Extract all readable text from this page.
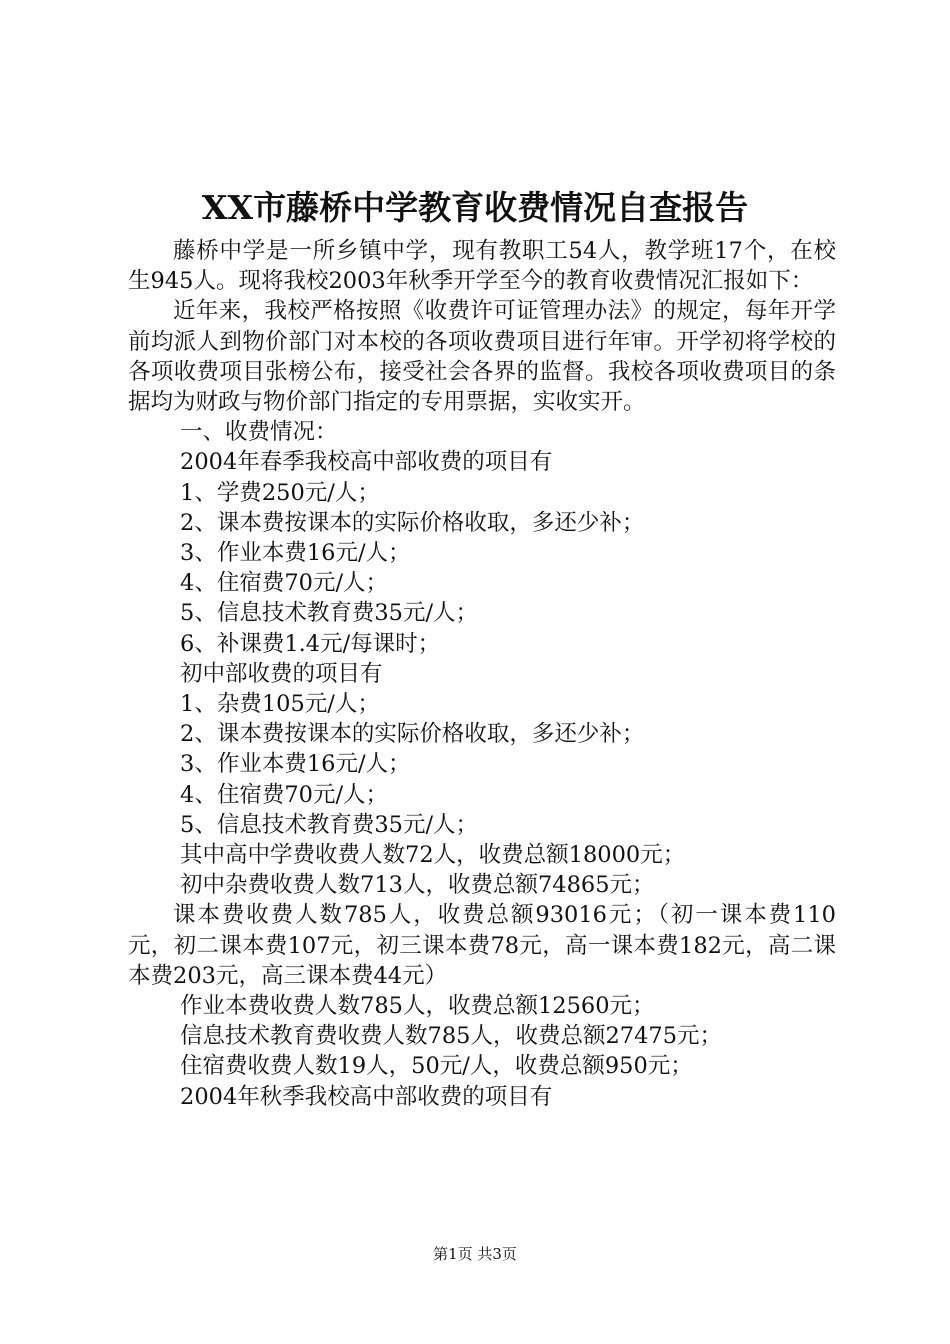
XX市藤桥中学教育收费情况自查报告

藤桥中学是一所乡镇中学，现有教职工54人，教学班17个，在校生945人。现将我校2003年秋季开学至今的教育收费情况汇报如下：

近年来，我校严格按照《收费许可证管理办法》的规定，每年开学前均派人到物价部门对本校的各项收费项目进行年审。开学初将学校的各项收费项目张榜公布，接受社会各界的监督。我校各项收费项目的条据均为财政与物价部门指定的专用票据，实收实开。

一、收费情况：

2004年春季我校高中部收费的项目有

1、学费250元/人；

2、课本费按课本的实际价格收取，多还少补；

3、作业本费16元/人；

4、住宿费70元/人；

5、信息技术教育费35元/人；

6、补课费1.4元/每课时；

初中部收费的项目有

1、杂费105元/人；

2、课本费按课本的实际价格收取，多还少补；

3、作业本费16元/人；

4、住宿费70元/人；

5、信息技术教育费35元/人；

其中高中学费收费人数72人，收费总额18000元；

初中杂费收费人数713人，收费总额74865元；

课本费收费人数785人，收费总额93016元；（初一课本费110元，初二课本费107元，初三课本费78元，高一课本费182元，高二课本费203元，高三课本费44元）

作业本费收费人数785人，收费总额12560元；

信息技术教育费收费人数785人，收费总额27475元；

住宿费收费人数19人，50元/人，收费总额950元；

2004年秋季我校高中部收费的项目有

第1页 共3页
